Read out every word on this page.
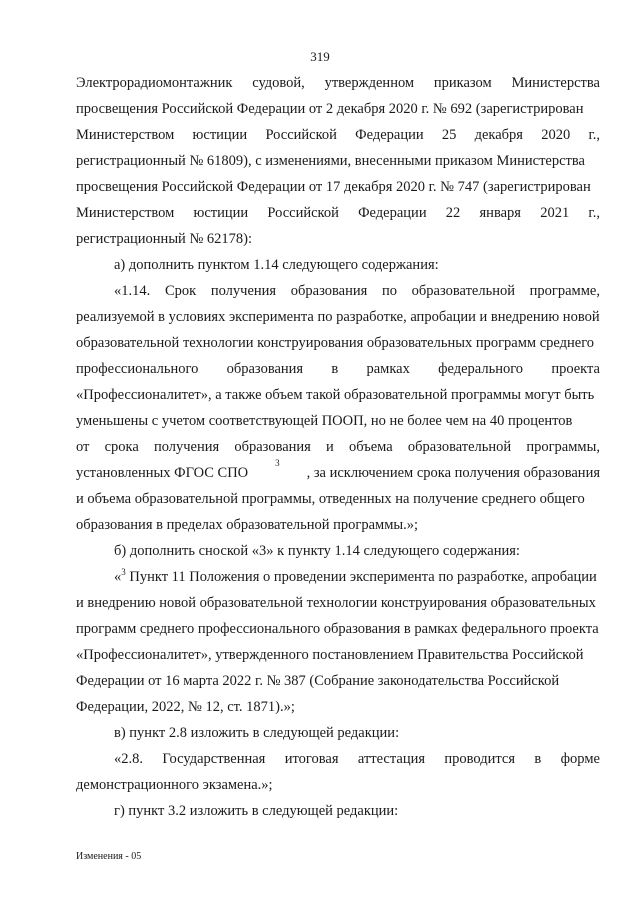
319
Электрорадиомонтажник судовой, утвержденном приказом Министерства
просвещения Российской Федерации от 2 декабря 2020 г. № 692 (зарегистрирован
Министерством юстиции Российской Федерации 25 декабря 2020 г.,
регистрационный № 61809), с изменениями, внесенными приказом Министерства
просвещения Российской Федерации от 17 декабря 2020 г. № 747 (зарегистрирован
Министерством юстиции Российской Федерации 22 января 2021 г.,
регистрационный № 62178):
а) дополнить пунктом 1.14 следующего содержания:
«1.14. Срок получения образования по образовательной программе,
реализуемой в условиях эксперимента по разработке, апробации и внедрению новой
образовательной технологии конструирования образовательных программ среднего
профессионального образования в рамках федерального проекта
«Профессионалитет», а также объем такой образовательной программы могут быть
уменьшены с учетом соответствующей ПООП, но не более чем на 40 процентов
от срока получения образования и объема образовательной программы,
установленных ФГОС СПО
3
, за исключением срока получения образования
и объема образовательной программы, отведенных на получение среднего общего
образования в пределах образовательной программы.»;
б) дополнить сноской «3» к пункту 1.14 следующего содержания:
«$^3$ Пункт 11 Положения о проведении эксперимента по разработке, апробации
и внедрению новой образовательной технологии конструирования образовательных
программ среднего профессионального образования в рамках федерального проекта
«Профессионалитет», утвержденного постановлением Правительства Российской
Федерации от 16 марта 2022 г. № 387 (Собрание законодательства Российской
Федерации, 2022, № 12, ст. 1871).»;
в) пункт 2.8 изложить в следующей редакции:
«2.8. Государственная итоговая аттестация проводится в форме
демонстрационного экзамена.»;
г) пункт 3.2 изложить в следующей редакции:
Изменения - 05
